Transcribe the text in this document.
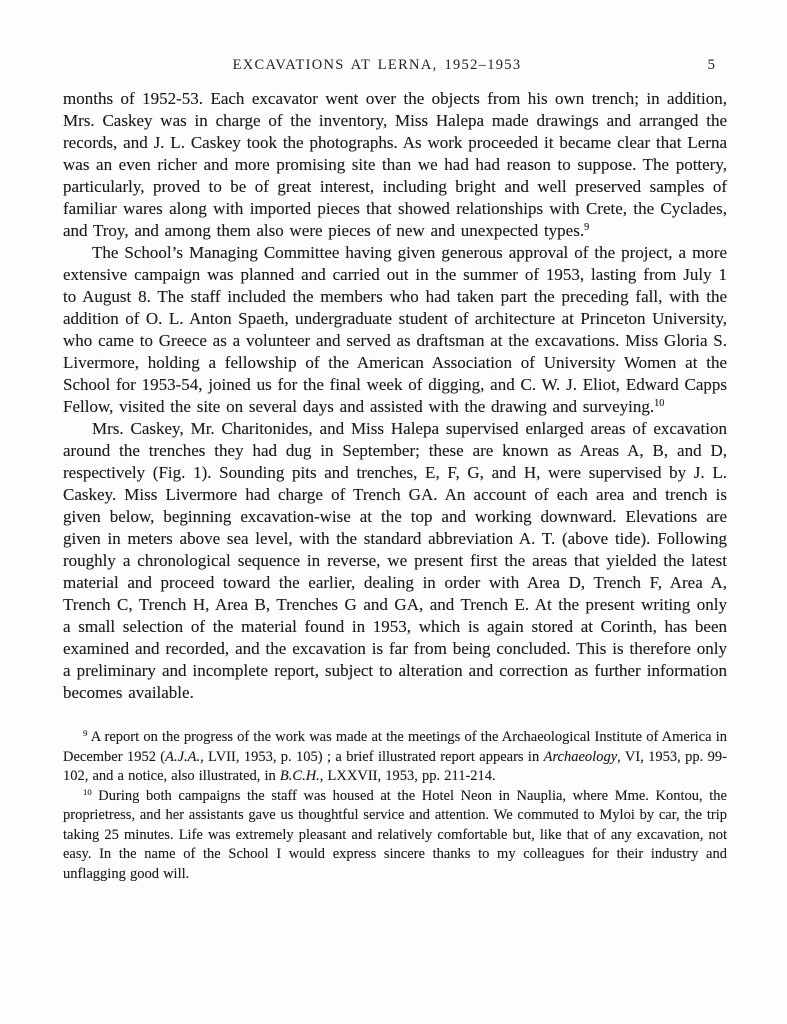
EXCAVATIONS AT LERNA, 1952–1953	5

months of 1952-53. Each excavator went over the objects from his own trench; in addition, Mrs. Caskey was in charge of the inventory, Miss Halepa made drawings and arranged the records, and J. L. Caskey took the photographs. As work proceeded it became clear that Lerna was an even richer and more promising site than we had had reason to suppose. The pottery, particularly, proved to be of great interest, including bright and well preserved samples of familiar wares along with imported pieces that showed relationships with Crete, the Cyclades, and Troy, and among them also were pieces of new and unexpected types.$^9$

The School’s Managing Committee having given generous approval of the project, a more extensive campaign was planned and carried out in the summer of 1953, lasting from July 1 to August 8. The staff included the members who had taken part the preceding fall, with the addition of O. L. Anton Spaeth, undergraduate student of architecture at Princeton University, who came to Greece as a volunteer and served as draftsman at the excavations. Miss Gloria S. Livermore, holding a fellowship of the American Association of University Women at the School for 1953-54, joined us for the final week of digging, and C. W. J. Eliot, Edward Capps Fellow, visited the site on several days and assisted with the drawing and surveying.$^{10}$

Mrs. Caskey, Mr. Charitonides, and Miss Halepa supervised enlarged areas of excavation around the trenches they had dug in September; these are known as Areas A, B, and D, respectively (Fig. 1). Sounding pits and trenches, E, F, G, and H, were supervised by J. L. Caskey. Miss Livermore had charge of Trench GA. An account of each area and trench is given below, beginning excavation-wise at the top and working downward. Elevations are given in meters above sea level, with the standard abbreviation A. T. (above tide). Following roughly a chronological sequence in reverse, we present first the areas that yielded the latest material and proceed toward the earlier, dealing in order with Area D, Trench F, Area A, Trench C, Trench H, Area B, Trenches G and GA, and Trench E. At the present writing only a small selection of the material found in 1953, which is again stored at Corinth, has been examined and recorded, and the excavation is far from being concluded. This is therefore only a preliminary and incomplete report, subject to alteration and correction as further information becomes available.

$^9$ A report on the progress of the work was made at the meetings of the Archaeological Institute of America in December 1952 (A.J.A., LVII, 1953, p. 105) ; a brief illustrated report appears in Archaeology, VI, 1953, pp. 99-102, and a notice, also illustrated, in B.C.H., LXXVII, 1953, pp. 211-214.

$^{10}$ During both campaigns the staff was housed at the Hotel Neon in Nauplia, where Mme. Kontou, the proprietress, and her assistants gave us thoughtful service and attention. We commuted to Myloi by car, the trip taking 25 minutes. Life was extremely pleasant and relatively comfortable but, like that of any excavation, not easy. In the name of the School I would express sincere thanks to my colleagues for their industry and unflagging good will.
